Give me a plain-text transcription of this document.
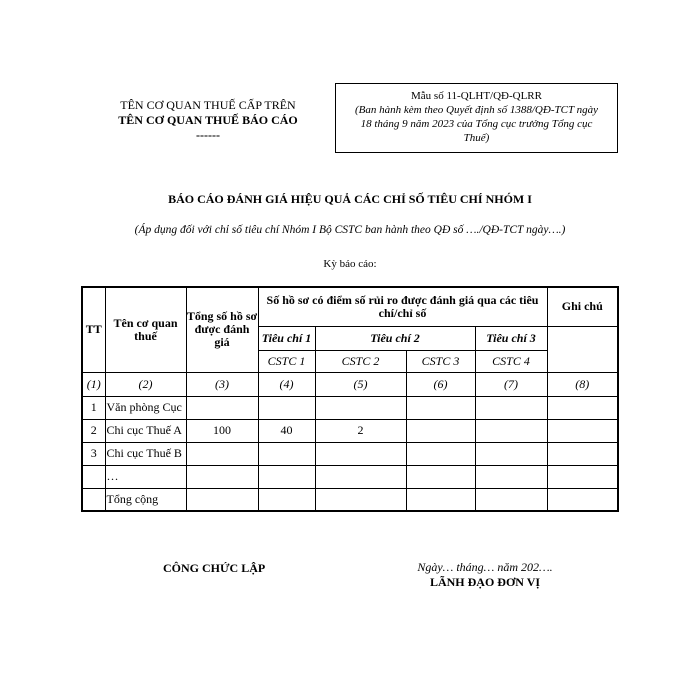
TÊN CƠ QUAN THUẾ CẤP TRÊN
TÊN CƠ QUAN THUẾ BÁO CÁO
------
Mẫu số 11-QLHT/QĐ-QLRR
(Ban hành kèm theo Quyết định số 1388/QĐ-TCT ngày
18 tháng 9 năm 2023 của Tổng cục trưởng Tổng cục
Thuế)
BÁO CÁO ĐÁNH GIÁ HIỆU QUẢ CÁC CHỈ SỐ TIÊU CHÍ NHÓM I
(Áp dụng đối với chỉ số tiêu chí Nhóm I Bộ CSTC ban hành theo QĐ số …./QĐ-TCT ngày….)
Kỳ báo cáo:
TT	Tên cơ quan thuế	Tổng số hồ sơ được đánh giá	Số hồ sơ có điểm số rủi ro được đánh giá qua các tiêu chí/chỉ số				Ghi chú
			Tiêu chí 1	Tiêu chí 2		Tiêu chí 3	
			CSTC 1	CSTC 2	CSTC 3	CSTC 4	
(1)	(2)	(3)	(4)	(5)	(6)	(7)	(8)
1	Văn phòng Cục						
2	Chi cục Thuế A	100	40	2			
3	Chi cục Thuế B						
	…						
	Tổng cộng						
CÔNG CHỨC LẬP	Ngày… tháng… năm 202….
LÃNH ĐẠO ĐƠN VỊ
